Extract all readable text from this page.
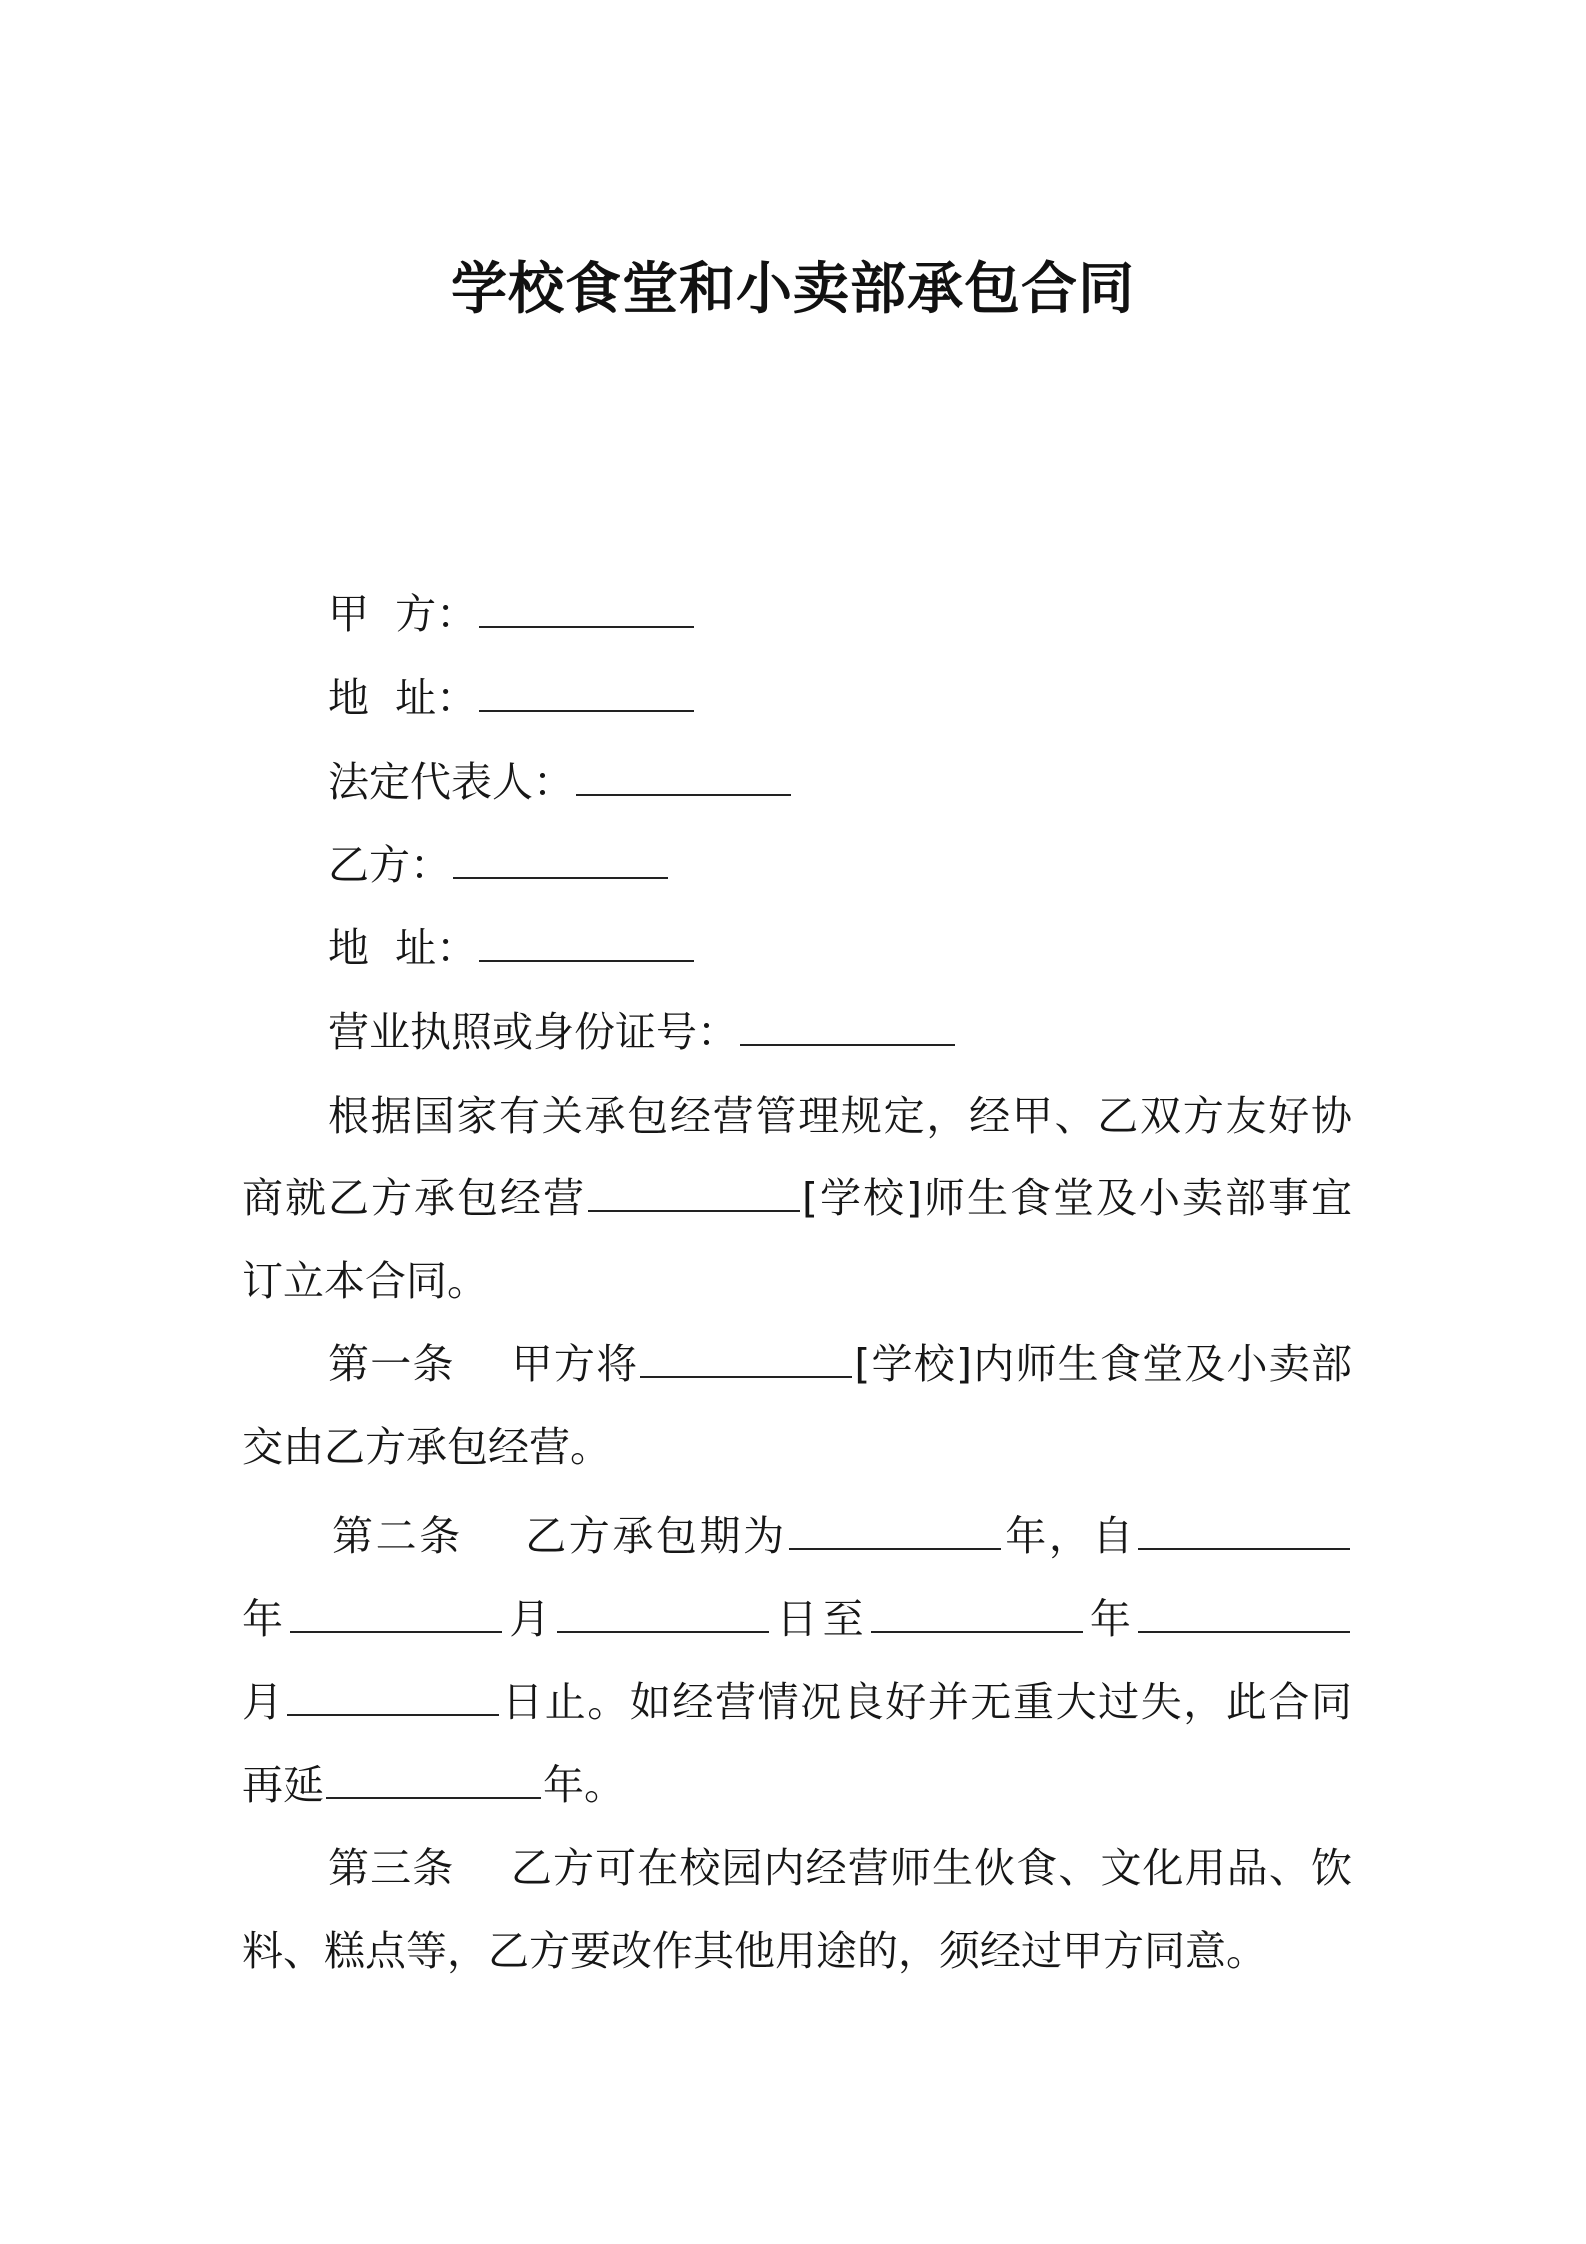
学校食堂和小卖部承包合同
甲  方：
地  址：
法定代表人：
乙方：
地  址：
营业执照或身份证号：
根据国家有关承包经营管理规定，经甲、乙双方友好协
商就乙方承包经营	[学校]师生食堂及小卖部事宜
订立本合同。
第一条    甲方将	[学校]内师生食堂及小卖部
交由乙方承包经营。
第二条    乙方承包期为	年，自
年	月	日至	年
月	日止。如经营情况良好并无重大过失，此合同
再延	年。
第三条    乙方可在校园内经营师生伙食、文化用品、饮
料、糕点等，乙方要改作其他用途的，须经过甲方同意。
